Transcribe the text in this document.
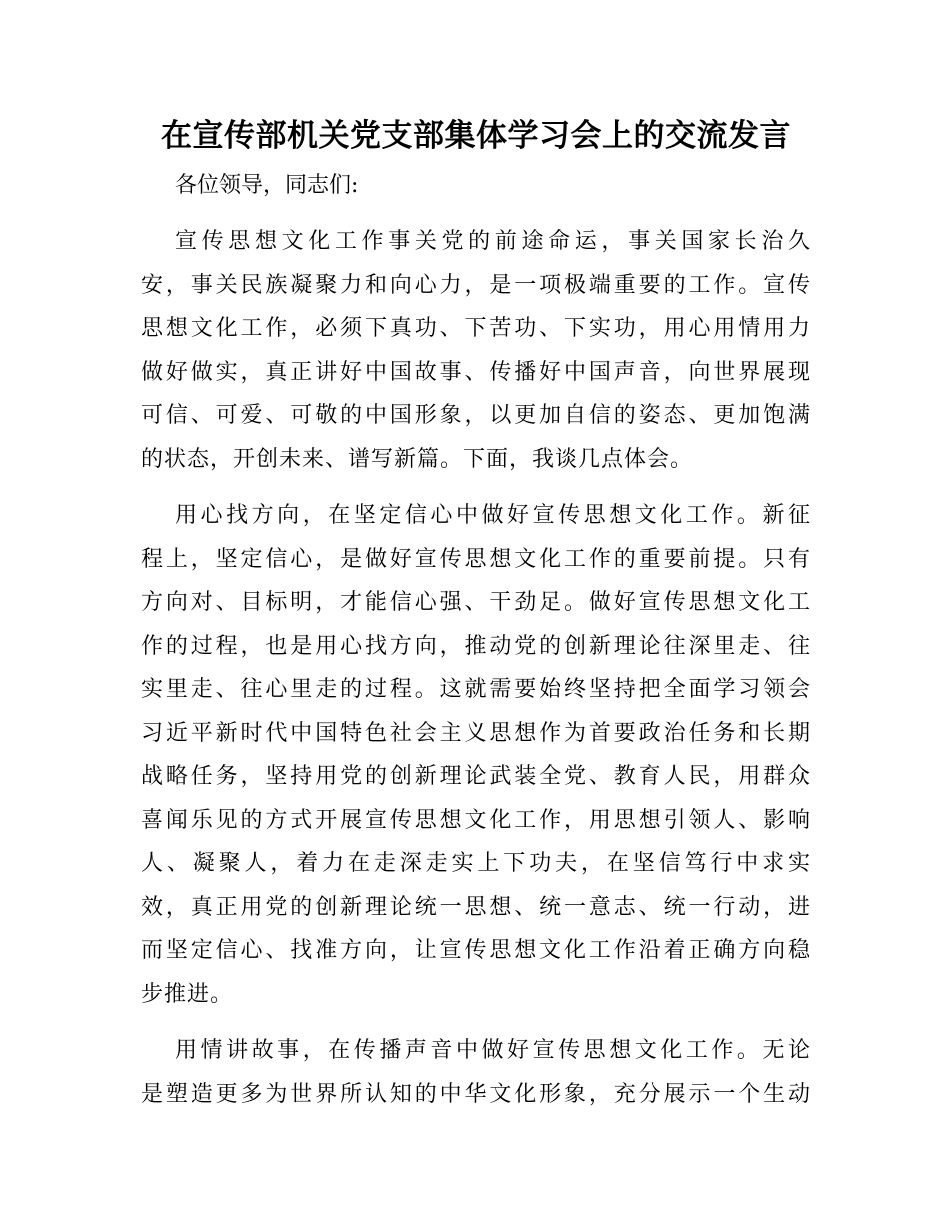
在宣传部机关党支部集体学习会上的交流发言

各位领导，同志们:

宣传思想文化工作事关党的前途命运，事关国家长治久
安，事关民族凝聚力和向心力，是一项极端重要的工作。宣传
思想文化工作，必须下真功、下苦功、下实功，用心用情用力
做好做实，真正讲好中国故事、传播好中国声音，向世界展现
可信、可爱、可敬的中国形象，以更加自信的姿态、更加饱满
的状态，开创未来、谱写新篇。下面，我谈几点体会。

用心找方向，在坚定信心中做好宣传思想文化工作。新征
程上，坚定信心，是做好宣传思想文化工作的重要前提。只有
方向对、目标明，才能信心强、干劲足。做好宣传思想文化工
作的过程，也是用心找方向，推动党的创新理论往深里走、往
实里走、往心里走的过程。这就需要始终坚持把全面学习领会
习近平新时代中国特色社会主义思想作为首要政治任务和长期
战略任务，坚持用党的创新理论武装全党、教育人民，用群众
喜闻乐见的方式开展宣传思想文化工作，用思想引领人、影响
人、凝聚人，着力在走深走实上下功夫，在坚信笃行中求实
效，真正用党的创新理论统一思想、统一意志、统一行动，进
而坚定信心、找准方向，让宣传思想文化工作沿着正确方向稳
步推进。

用情讲故事，在传播声音中做好宣传思想文化工作。无论
是塑造更多为世界所认知的中华文化形象，充分展示一个生动
